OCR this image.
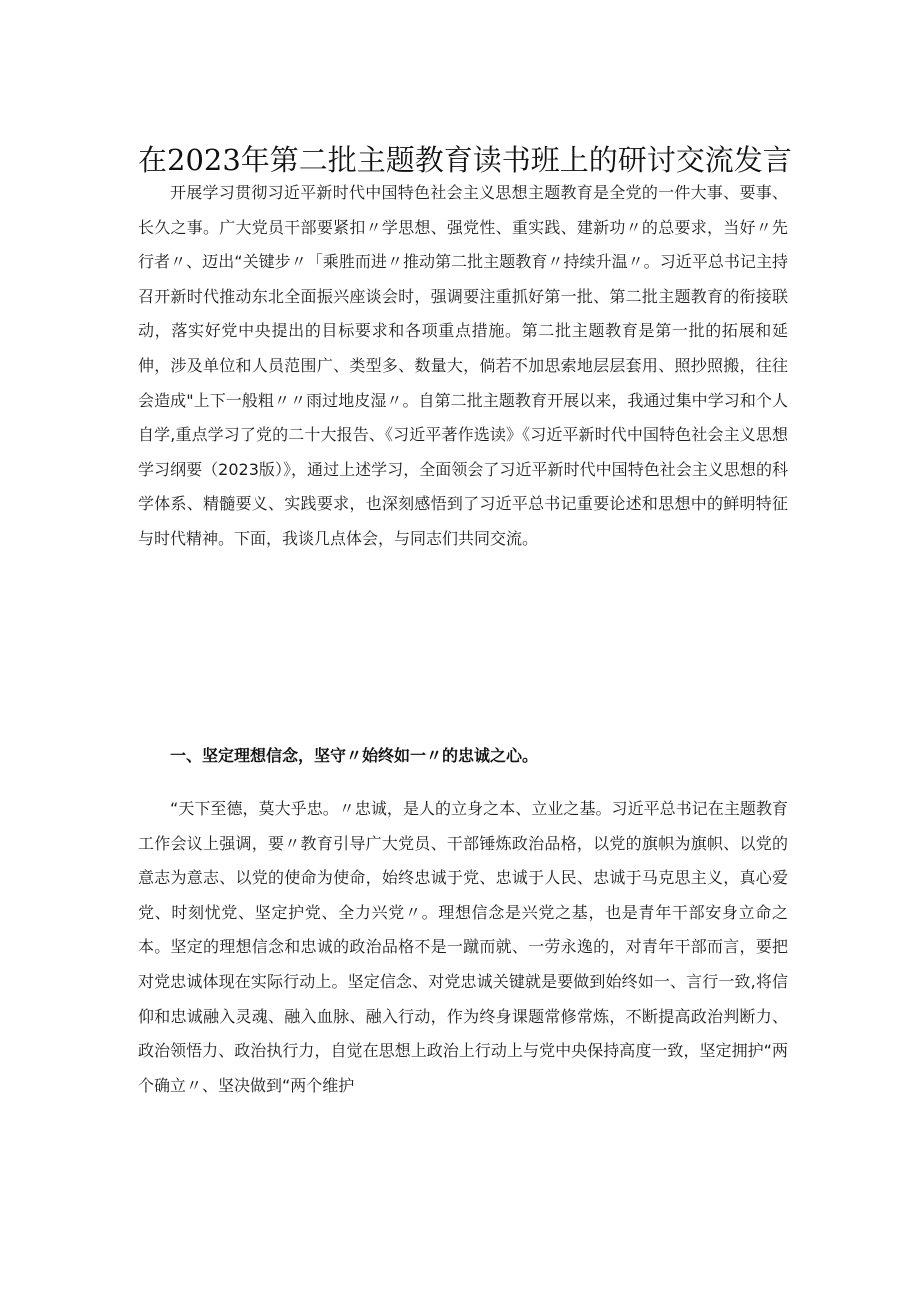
在2023年第二批主题教育读书班上的研讨交流发言

开展学习贯彻习近平新时代中国特色社会主义思想主题教育是全党的一件大事、要事、长久之事。广大党员干部要紧扣〃学思想、强党性、重实践、建新功〃的总要求，当好〃先行者〃、迈出“关键步〃「乘胜而进〃推动第二批主题教育〃持续升温〃。习近平总书记主持召开新时代推动东北全面振兴座谈会时，强调要注重抓好第一批、第二批主题教育的衔接联动，落实好党中央提出的目标要求和各项重点措施。第二批主题教育是第一批的拓展和延伸，涉及单位和人员范围广、类型多、数量大，倘若不加思索地层层套用、照抄照搬，往往会造成"上下一般粗〃〃雨过地皮湿〃。自第二批主题教育开展以来，我通过集中学习和个人自学,重点学习了党的二十大报告、《习近平著作选读》《习近平新时代中国特色社会主义思想学习纲要（2023版）》，通过上述学习，全面领会了习近平新时代中国特色社会主义思想的科学体系、精髓要义、实践要求，也深刻感悟到了习近平总书记重要论述和思想中的鲜明特征与时代精神。下面，我谈几点体会，与同志们共同交流。

一、坚定理想信念，坚守〃始终如一〃的忠诚之心。

“天下至德，莫大乎忠。〃忠诚，是人的立身之本、立业之基。习近平总书记在主题教育工作会议上强调，要〃教育引导广大党员、干部锤炼政治品格，以党的旗帜为旗帜、以党的意志为意志、以党的使命为使命，始终忠诚于党、忠诚于人民、忠诚于马克思主义，真心爱党、时刻忧党、坚定护党、全力兴党〃。理想信念是兴党之基，也是青年干部安身立命之本。坚定的理想信念和忠诚的政治品格不是一蹴而就、一劳永逸的，对青年干部而言，要把对党忠诚体现在实际行动上。坚定信念、对党忠诚关键就是要做到始终如一、言行一致,将信仰和忠诚融入灵魂、融入血脉、融入行动，作为终身课题常修常炼，不断提高政治判断力、政治领悟力、政治执行力，自觉在思想上政治上行动上与党中央保持高度一致，坚定拥护“两个确立〃、坚决做到“两个维护
